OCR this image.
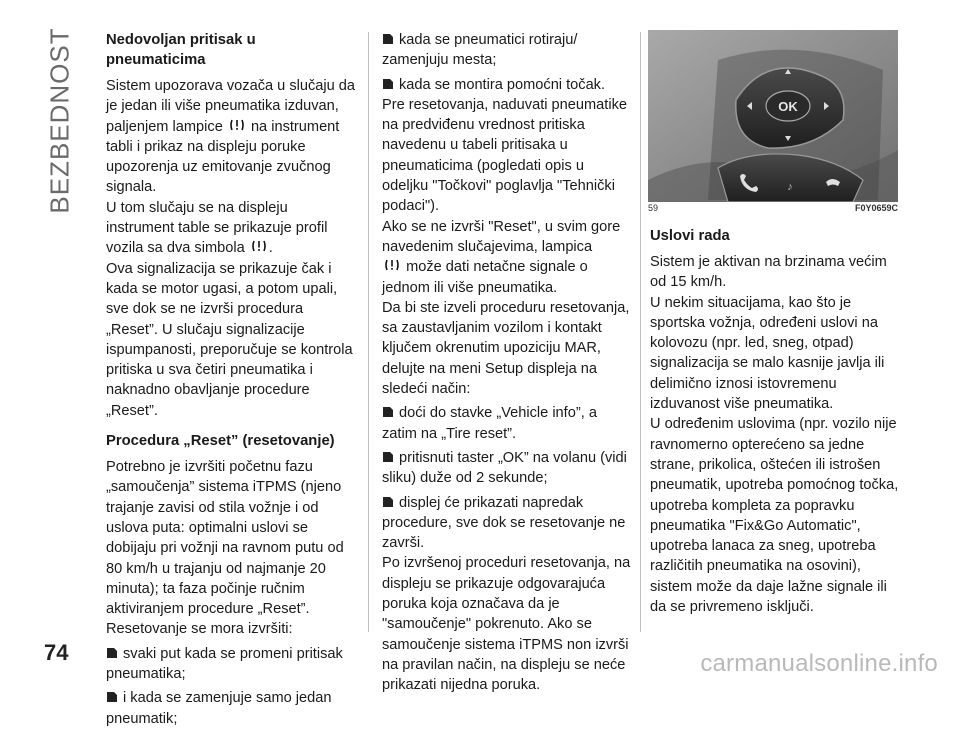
BEZBEDNOST Nedovoljan pritisak u pneumaticima

Sistem upozorava vozača u slučaju da je jedan ili više pneumatika izduvan, paljenjem lampice na instrument tabli i prikaz na displeju poruke upozorenja uz emitovanje zvučnog signala.

U tom slučaju se na displeju instrument table se prikazuje profil vozila sa dva simbola .

Ova signalizacija se prikazuje čak i kada se motor ugasi, a potom upali, sve dok se ne izvrši procedura „Reset”. U slučaju signalizacije ispumpanosti, preporučuje se kontrola pritiska u sva četiri pneumatika i naknadno obavljanje procedure „Reset”.

Procedura „Reset” (resetovanje)

Potrebno je izvršiti početnu fazu „samoučenja” sistema iTPMS (njeno trajanje zavisi od stila vožnje i od uslova puta: optimalni uslovi se dobijaju pri vožnji na ravnom putu od 80 km/h u trajanju od najmanje 20 minuta); ta faza počinje ručnim aktiviranjem procedure „Reset”.

Resetovanje se mora izvršiti:

svaki put kada se promeni pritisak pneumatika;

i kada se zamenjuje samo jedan pneumatik;

kada se pneumatici rotiraju/ zamenjuju mesta;

kada se montira pomoćni točak.

Pre resetovanja, naduvati pneumatike na predviđenu vrednost pritiska navedenu u tabeli pritisaka u pneumaticima (pogledati opis u odeljku "Točkovi" poglavlja "Tehnički podaci").

Ako se ne izvrši "Reset", u svim gore navedenim slučajevima, lampica
može dati netačne signale o jednom ili više pneumatika.

Da bi ste izveli proceduru resetovanja, sa zaustavljanim vozilom i kontakt ključem okrenutim upoziciju MAR, delujte na meni Setup displeja na sledeći način:

doći do stavke „Vehicle info”, a zatim na „Tire reset”.

pritisnuti taster „OK” na volanu (vidi sliku) duže od 2 sekunde;

displej će prikazati napredak procedure, sve dok se resetovanje ne završi.

Po izvršenoj proceduri resetovanja, na displeju se prikazuje odgovarajuća poruka koja označava da je "samoučenje" pokrenuto. Ako se samoučenje sistema iTPMS non izvrši na pravilan način, na displeju se neće prikazati nijedna poruka.

OK
♪
59	F0Y0659C
Uslovi rada

Sistem je aktivan na brzinama većim od 15 km/h.

U nekim situacijama, kao što je sportska vožnja, određeni uslovi na kolovozu (npr. led, sneg, otpad) signalizacija se malo kasnije javlja ili delimično iznosi istovremenu izduvanost više pneumatika.

U određenim uslovima (npr. vozilo nije ravnomerno opterećeno sa jedne strane, prikolica, oštećen ili istrošen pneumatik, upotreba pomoćnog točka, upotreba kompleta za popravku pneumatika "Fix&Go Automatic", upotreba lanaca za sneg, upotreba različitih pneumatika na osovini), sistem može da daje lažne signale ili da se privremeno isključi.

74	carmanualsonline.info
